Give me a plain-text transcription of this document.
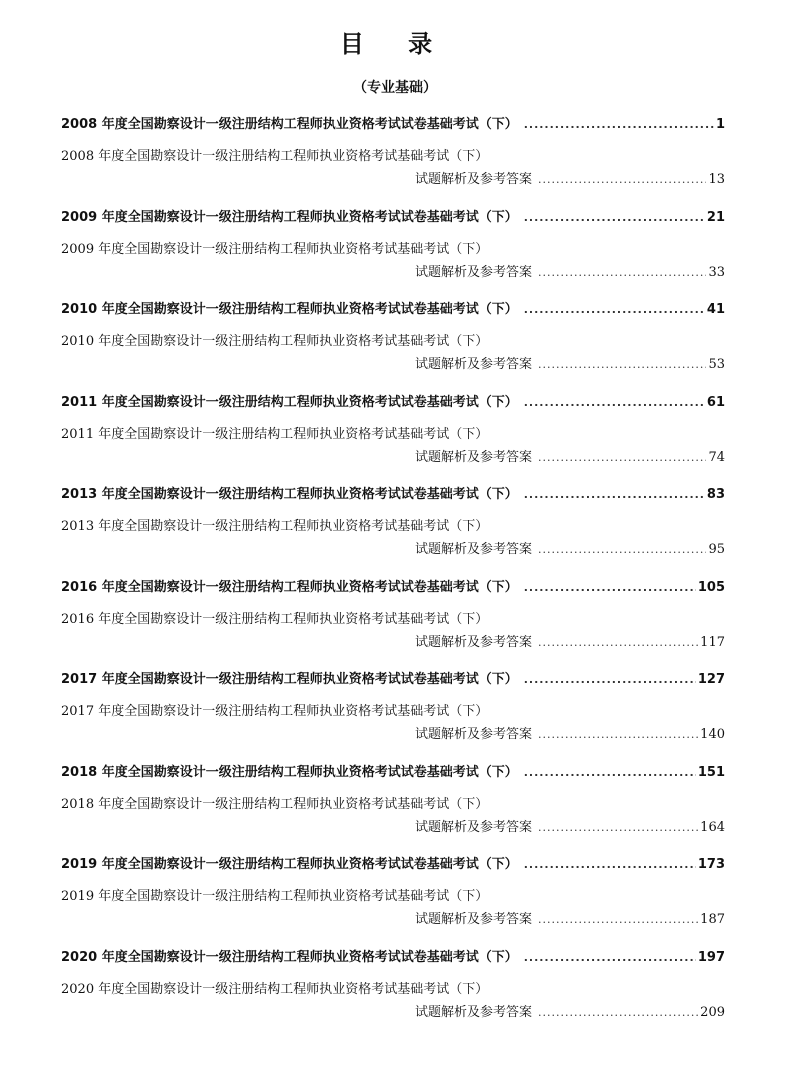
目 录
（专业基础）
2008 年度全国勘察设计一级注册结构工程师执业资格考试试卷基础考试（下） .....	1
2008 年度全国勘察设计一级注册结构工程师执业资格考试基础考试（下）
试题解析及参考答案 .....	13
2009 年度全国勘察设计一级注册结构工程师执业资格考试试卷基础考试（下） .....	21
2009 年度全国勘察设计一级注册结构工程师执业资格考试基础考试（下）
试题解析及参考答案 .....	33
2010 年度全国勘察设计一级注册结构工程师执业资格考试试卷基础考试（下） .....	41
2010 年度全国勘察设计一级注册结构工程师执业资格考试基础考试（下）
试题解析及参考答案 .....	53
2011 年度全国勘察设计一级注册结构工程师执业资格考试试卷基础考试（下） .....	61
2011 年度全国勘察设计一级注册结构工程师执业资格考试基础考试（下）
试题解析及参考答案 .....	74
2013 年度全国勘察设计一级注册结构工程师执业资格考试试卷基础考试（下） .....	83
2013 年度全国勘察设计一级注册结构工程师执业资格考试基础考试（下）
试题解析及参考答案 .....	95
2016 年度全国勘察设计一级注册结构工程师执业资格考试试卷基础考试（下） .....	105
2016 年度全国勘察设计一级注册结构工程师执业资格考试基础考试（下）
试题解析及参考答案 .....	117
2017 年度全国勘察设计一级注册结构工程师执业资格考试试卷基础考试（下） .....	127
2017 年度全国勘察设计一级注册结构工程师执业资格考试基础考试（下）
试题解析及参考答案 .....	140
2018 年度全国勘察设计一级注册结构工程师执业资格考试试卷基础考试（下） .....	151
2018 年度全国勘察设计一级注册结构工程师执业资格考试基础考试（下）
试题解析及参考答案 .....	164
2019 年度全国勘察设计一级注册结构工程师执业资格考试试卷基础考试（下） .....	173
2019 年度全国勘察设计一级注册结构工程师执业资格考试基础考试（下）
试题解析及参考答案 .....	187
2020 年度全国勘察设计一级注册结构工程师执业资格考试试卷基础考试（下） .....	197
2020 年度全国勘察设计一级注册结构工程师执业资格考试基础考试（下）
试题解析及参考答案 .....	209
